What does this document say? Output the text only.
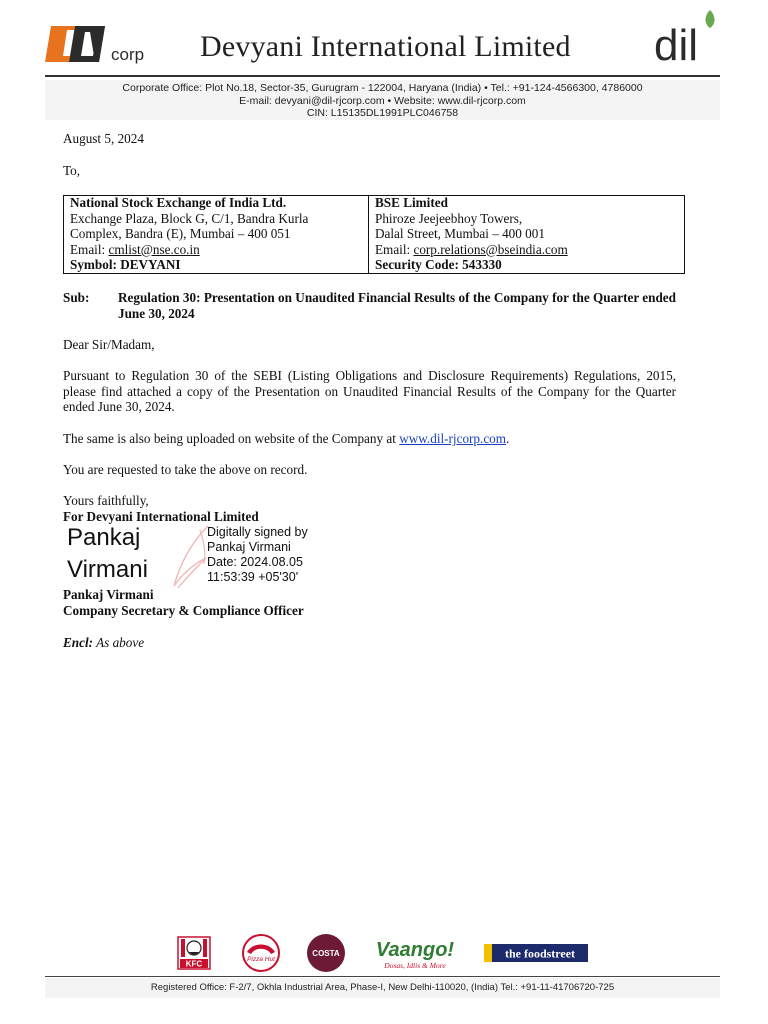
corp Devyani International Limited dil
Corporate Office: Plot No.18, Sector-35, Gurugram - 122004, Haryana (India) • Tel.: +91-124-4566300, 4786000
E-mail: devyani@dil-rjcorp.com • Website: www.dil-rjcorp.com
CIN: L15135DL1991PLC046758
August 5, 2024
To,
National Stock Exchange of India Ltd.
Exchange Plaza, Block G, C/1, Bandra Kurla
Complex, Bandra (E), Mumbai – 400 051
Email: cmlist@nse.co.in
Symbol: DEVYANI
BSE Limited
Phiroze Jeejeebhoy Towers,
Dalal Street, Mumbai – 400 001
Email: corp.relations@bseindia.com
Security Code: 543330
Sub: Regulation 30: Presentation on Unaudited Financial Results of the Company for the Quarter ended June 30, 2024
Dear Sir/Madam,
Pursuant to Regulation 30 of the SEBI (Listing Obligations and Disclosure Requirements) Regulations, 2015, please find attached a copy of the Presentation on Unaudited Financial Results of the Company for the Quarter ended June 30, 2024.
The same is also being uploaded on website of the Company at www.dil-rjcorp.com.
You are requested to take the above on record.
Yours faithfully,
For Devyani International Limited
Pankaj
Virmani
Digitally signed by
Pankaj Virmani
Date: 2024.08.05
11:53:39 +05'30'
Pankaj Virmani
Company Secretary & Compliance Officer
Encl: As above
KFC	Pizza Hut
COSTA Vaango!
Dosas, Idlis & More
the foodstreet
Registered Office: F-2/7, Okhla Industrial Area, Phase-I, New Delhi-110020, (India) Tel.: +91-11-41706720-725
